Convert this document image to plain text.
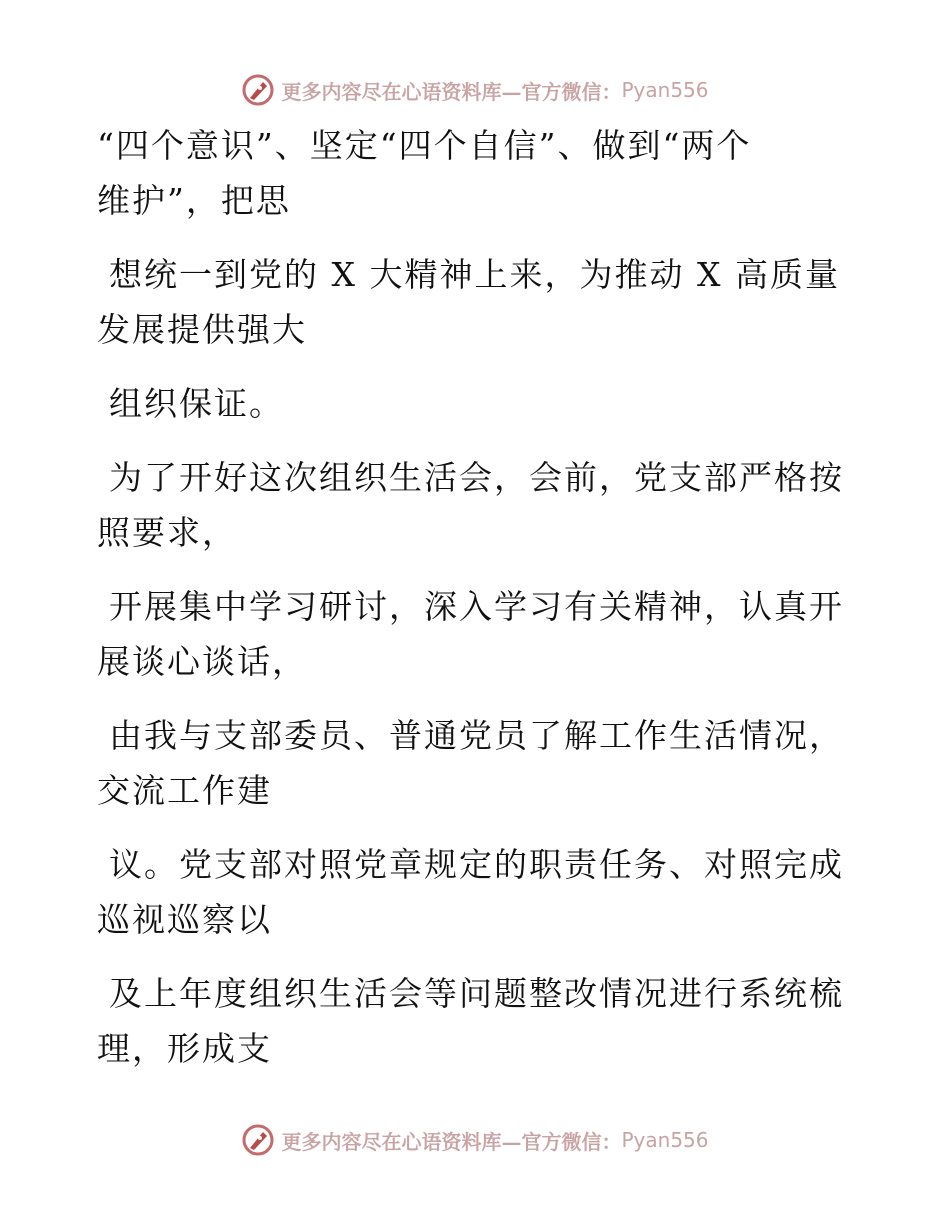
更多内容尽在心语资料库—官方微信： Pyan556

“四个意识”、坚定“四个自信”、做到“两个
维护”，把思

想统一到党的 X 大精神上来，为推动 X 高质量
发展提供强大

组织保证。

为了开好这次组织生活会，会前，党支部严格按
照要求，

开展集中学习研讨，深入学习有关精神，认真开
展谈心谈话，

由我与支部委员、普通党员了解工作生活情况，
交流工作建

议。党支部对照党章规定的职责任务、对照完成
巡视巡察以

及上年度组织生活会等问题整改情况进行系统梳
理，形成支

更多内容尽在心语资料库—官方微信： Pyan556
